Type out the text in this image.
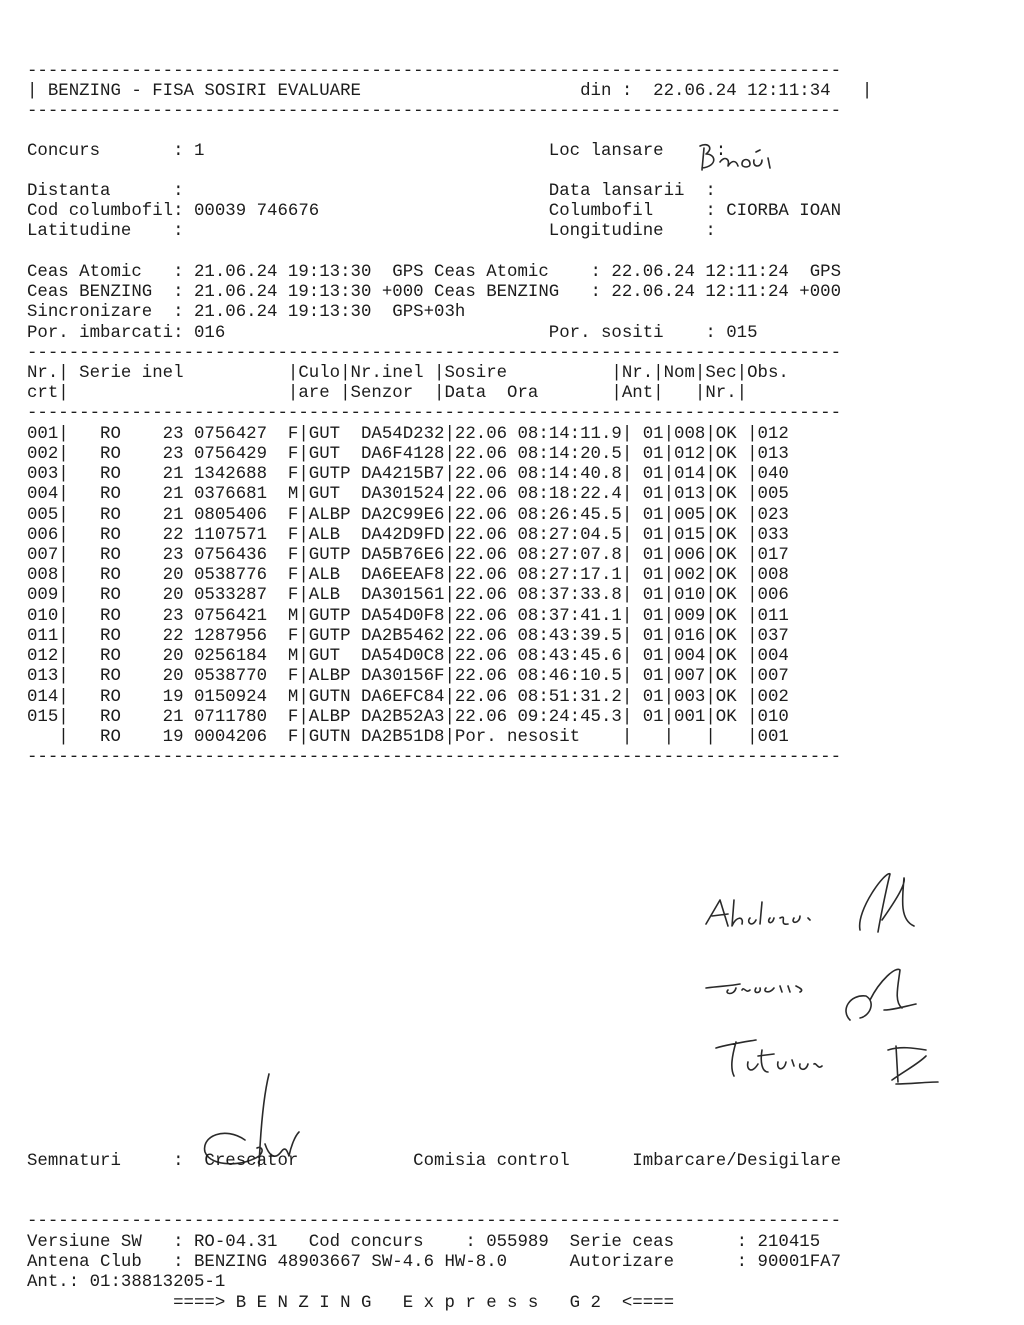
------------------------------------------------------------------------------
| BENZING - FISA SOSIRI EVALUARE                     din :  22.06.24 12:11:34   |
------------------------------------------------------------------------------
Concurs       : 1                                 Loc lansare     :
Distanta      :                                   Data lansarii  :
Cod columbofil: 00039 746676                      Columbofil     : CIORBA IOAN
Latitudine    :                                   Longitudine    :
Ceas Atomic   : 21.06.24 19:13:30  GPS Ceas Atomic    : 22.06.24 12:11:24  GPS
Ceas BENZING  : 21.06.24 19:13:30 +000 Ceas BENZING   : 22.06.24 12:11:24 +000
Sincronizare  : 21.06.24 19:13:30  GPS+03h
Por. imbarcati: 016                               Por. sositi    : 015
------------------------------------------------------------------------------
Nr.| Serie inel          |Culo|Nr.inel |Sosire          |Nr.|Nom|Sec|Obs.
crt|                     |are |Senzor  |Data  Ora       |Ant|   |Nr.|
------------------------------------------------------------------------------
001|   RO    23 0756427  F|GUT  DA54D232|22.06 08:14:11.9| 01|008|OK |012
002|   RO    23 0756429  F|GUT  DA6F4128|22.06 08:14:20.5| 01|012|OK |013
003|   RO    21 1342688  F|GUTP DA4215B7|22.06 08:14:40.8| 01|014|OK |040
004|   RO    21 0376681  M|GUT  DA301524|22.06 08:18:22.4| 01|013|OK |005
005|   RO    21 0805406  F|ALBP DA2C99E6|22.06 08:26:45.5| 01|005|OK |023
006|   RO    22 1107571  F|ALB  DA42D9FD|22.06 08:27:04.5| 01|015|OK |033
007|   RO    23 0756436  F|GUTP DA5B76E6|22.06 08:27:07.8| 01|006|OK |017
008|   RO    20 0538776  F|ALB  DA6EEAF8|22.06 08:27:17.1| 01|002|OK |008
009|   RO    20 0533287  F|ALB  DA301561|22.06 08:37:33.8| 01|010|OK |006
010|   RO    23 0756421  M|GUTP DA54D0F8|22.06 08:37:41.1| 01|009|OK |011
011|   RO    22 1287956  F|GUTP DA2B5462|22.06 08:43:39.5| 01|016|OK |037
012|   RO    20 0256184  M|GUT  DA54D0C8|22.06 08:43:45.6| 01|004|OK |004
013|   RO    20 0538770  F|ALBP DA30156F|22.06 08:46:10.5| 01|007|OK |007
014|   RO    19 0150924  M|GUTN DA6EFC84|22.06 08:51:31.2| 01|003|OK |002
015|   RO    21 0711780  F|ALBP DA2B52A3|22.06 09:24:45.3| 01|001|OK |010
|   RO    19 0004206  F|GUTN DA2B51D8|Por. nesosit    |   |   |   |001
------------------------------------------------------------------------------
Semnaturi     :  Crescator           Comisia control      Imbarcare/Desigilare
------------------------------------------------------------------------------
Versiune SW   : RO-04.31   Cod concurs    : 055989  Serie ceas      : 210415
Antena Club   : BENZING 48903667 SW-4.6 HW-8.0      Autorizare      : 90001FA7
Ant.: 01:38813205-1
====> B E N Z I N G   E x p r e s s   G 2  <====
